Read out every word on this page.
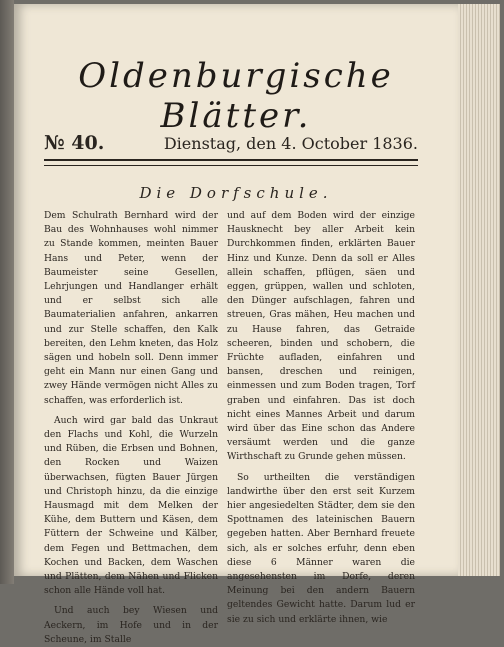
Oldenburgische Blätter.
№ 40.	Dienstag, den 4. October 1836.
Die Dorfschule.

Dem Schulrath Bernhard wird der Bau des Wohnhauses wohl nimmer zu Stande kommen, meinten Bauer Hans und Peter, wenn der Baumeister seine Gesellen, Lehrjungen und Handlanger erhält und er selbst sich alle Baumaterialien anfahren, ankarren und zur Stelle schaffen, den Kalk bereiten, den Lehm kneten, das Holz sägen und hobeln soll. Denn immer geht ein Mann nur einen Gang und zwey Hände vermögen nicht Alles zu schaffen, was erforderlich ist.

Auch wird gar bald das Unkraut den Flachs und Kohl, die Wurzeln und Rüben, die Erbsen und Bohnen, den Rocken und Waizen überwachsen, fügten Bauer Jürgen und Christoph hinzu, da die einzige Hausmagd mit dem Melken der Kühe, dem Buttern und Käsen, dem Füttern der Schweine und Kälber, dem Fegen und Bettmachen, dem Kochen und Backen, dem Waschen und Plätten, dem Nähen und Flicken schon alle Hände voll hat.

Und auch bey Wiesen und Aeckern, im Hofe und in der Scheune, im Stalle

und auf dem Boden wird der einzige Hausknecht bey aller Arbeit kein Durchkommen finden, erklärten Bauer Hinz und Kunze. Denn da soll er Alles allein schaffen, pflügen, säen und eggen, grüppen, wallen und schloten, den Dünger aufschlagen, fahren und streuen, Gras mähen, Heu machen und zu Hause fahren, das Getraide scheeren, binden und schobern, die Früchte aufladen, einfahren und bansen, dreschen und reinigen, einmessen und zum Boden tragen, Torf graben und einfahren. Das ist doch nicht eines Mannes Arbeit und darum wird über das Eine schon das Andere versäumt werden und die ganze Wirthschaft zu Grunde gehen müssen.

So urtheilten die verständigen landwirthe über den erst seit Kurzem hier angesiedelten Städter, dem sie den Spottnamen des lateinischen Bauern gegeben hatten. Aber Bernhard freuete sich, als er solches erfuhr, denn eben diese 6 Männer waren die angesehensten im Dorfe, deren Meinung bei den andern Bauern geltendes Gewicht hatte. Darum lud er sie zu sich und erklärte ihnen, wie
